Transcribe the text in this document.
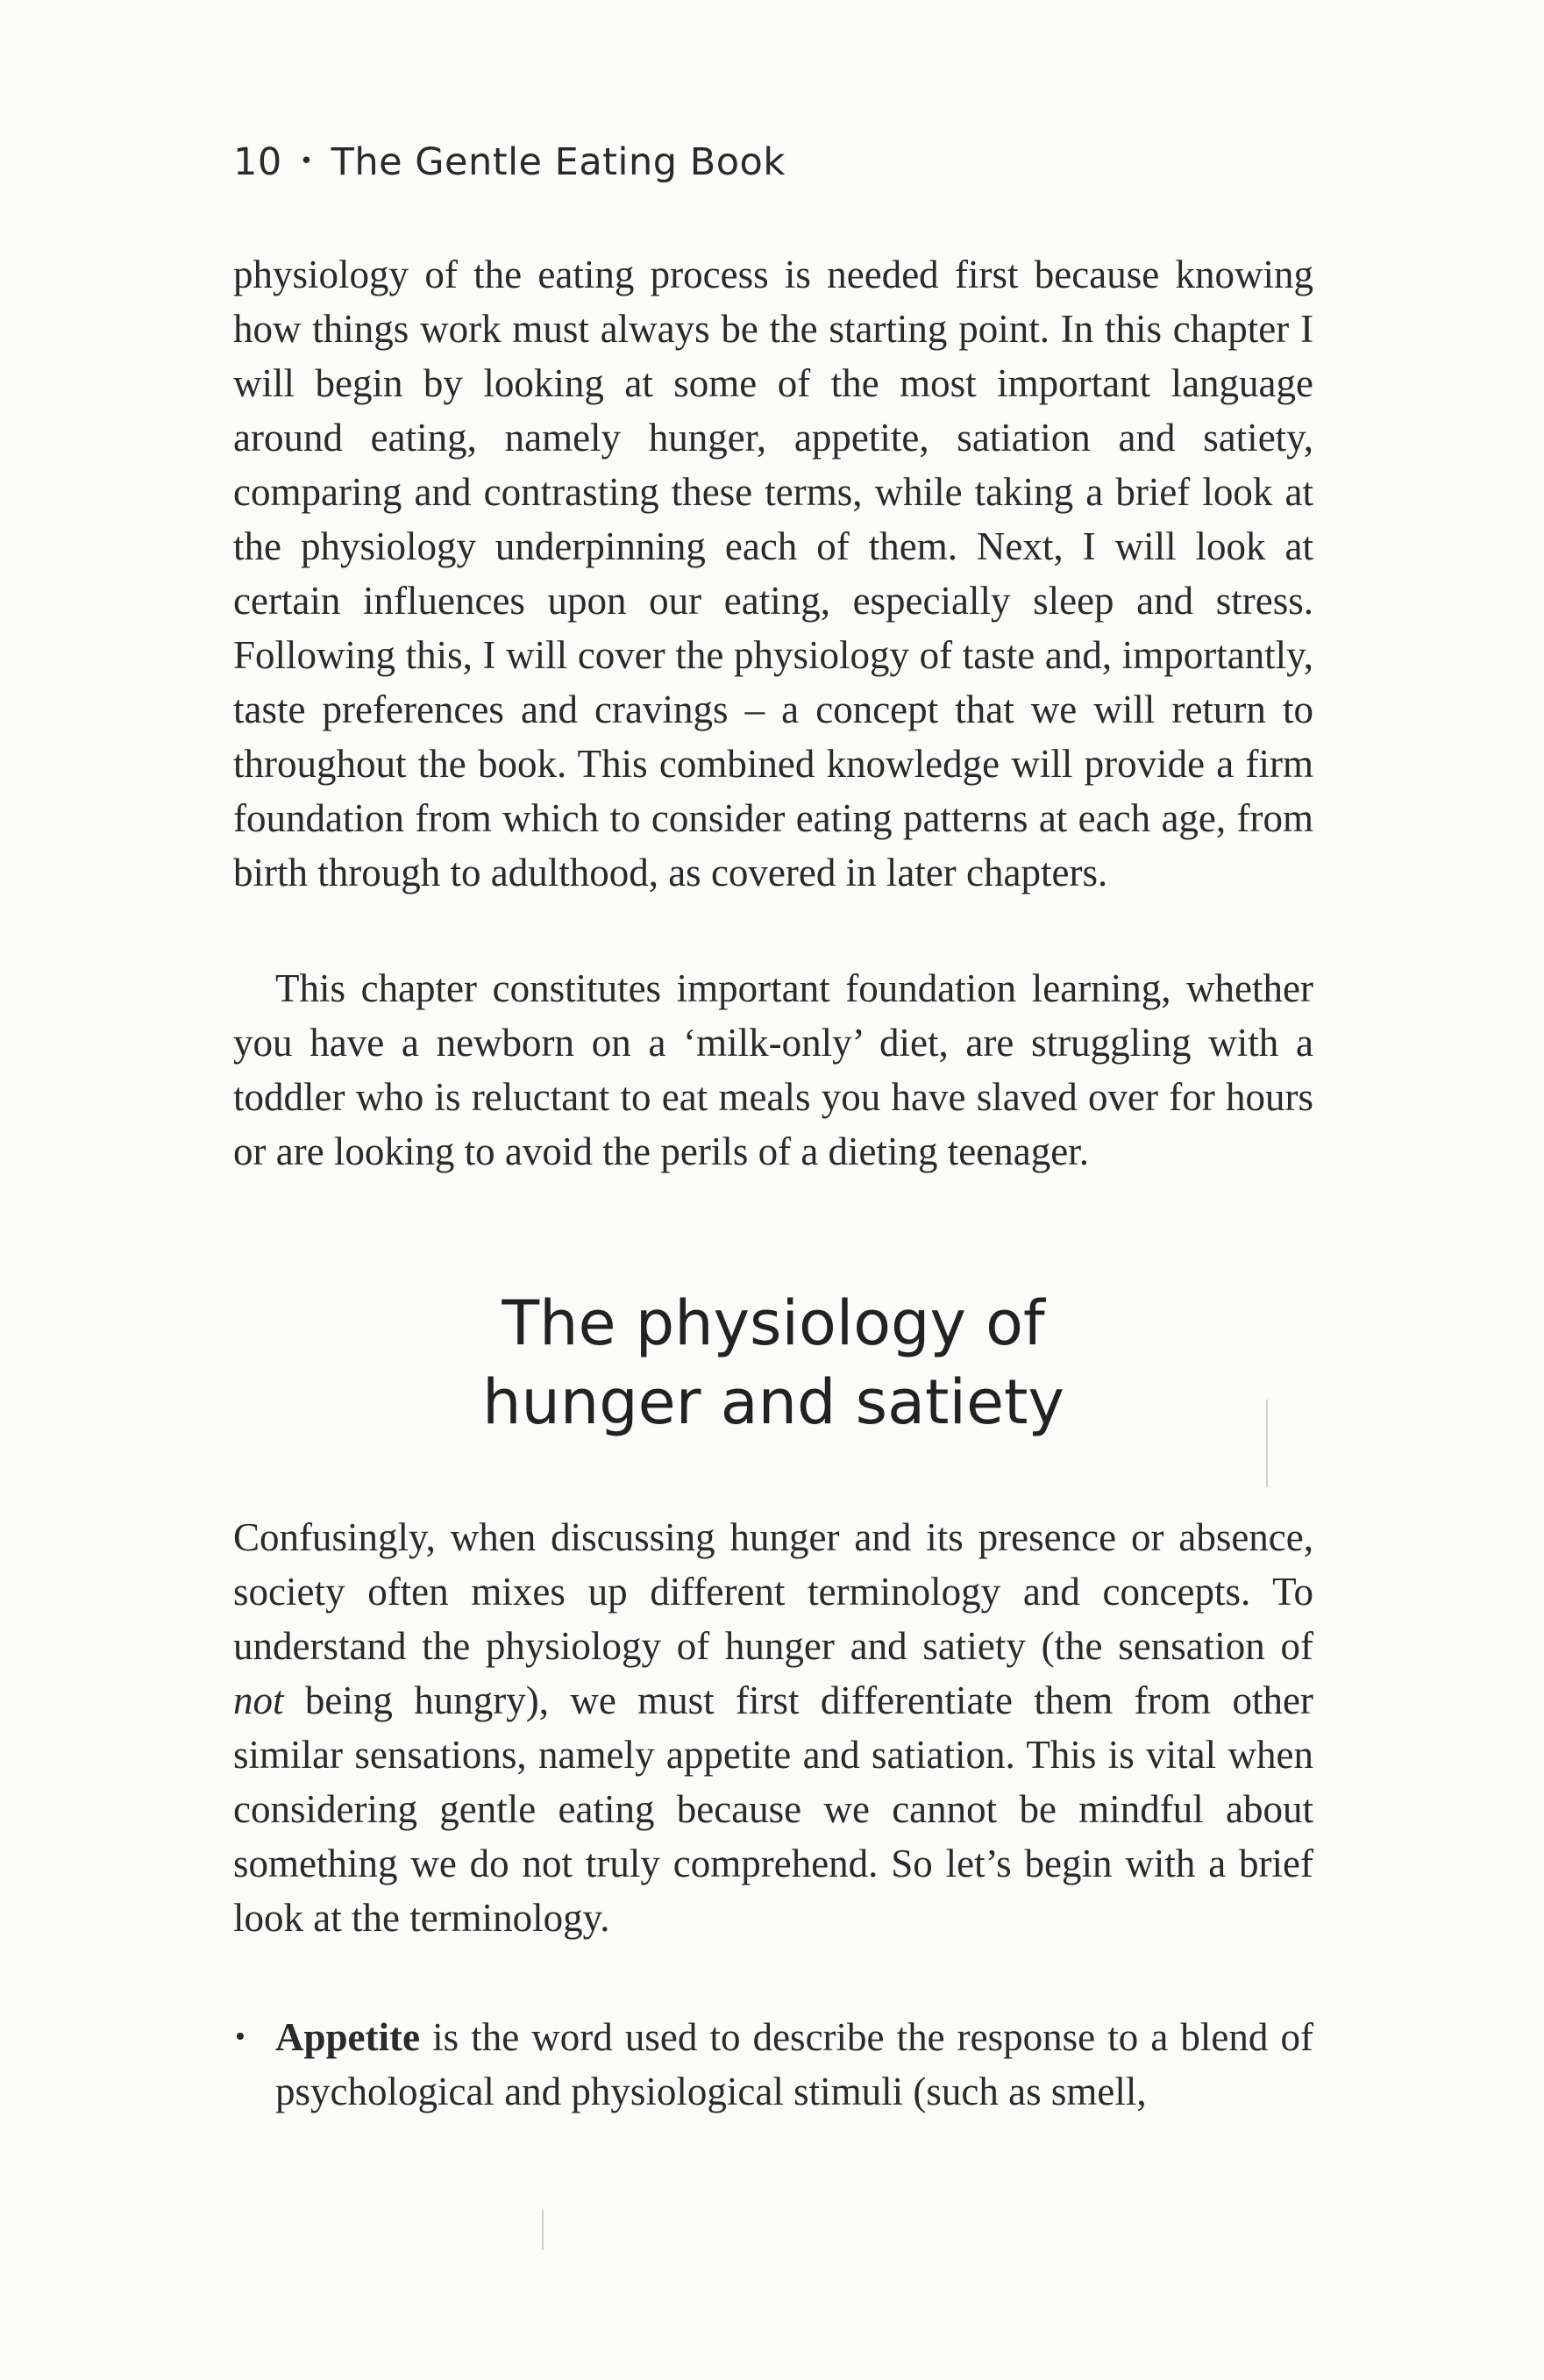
10 • The Gentle Eating Book

physiology of the eating process is needed first because knowing how things work must always be the starting point. In this chapter I will begin by looking at some of the most important language around eating, namely hunger, appetite, satiation and satiety, comparing and contrasting these terms, while taking a brief look at the physiology underpinning each of them. Next, I will look at certain influences upon our eating, especially sleep and stress. Following this, I will cover the physiology of taste and, importantly, taste preferences and cravings – a concept that we will return to throughout the book. This combined knowledge will provide a firm foundation from which to consider eating patterns at each age, from birth through to adulthood, as covered in later chapters.

This chapter constitutes important foundation learning, whether you have a newborn on a ‘milk-only’ diet, are struggling with a toddler who is reluctant to eat meals you have slaved over for hours or are looking to avoid the perils of a dieting teenager.

The physiology of
hunger and satiety

Confusingly, when discussing hunger and its presence or absence, society often mixes up different terminology and concepts. To understand the physiology of hunger and satiety (the sensation of not being hungry), we must first differentiate them from other similar sensations, namely appetite and satiation. This is vital when considering gentle eating because we cannot be mindful about something we do not truly comprehend. So let’s begin with a brief look at the terminology.

• Appetite is the word used to describe the response to a blend of psychological and physiological stimuli (such as smell,
